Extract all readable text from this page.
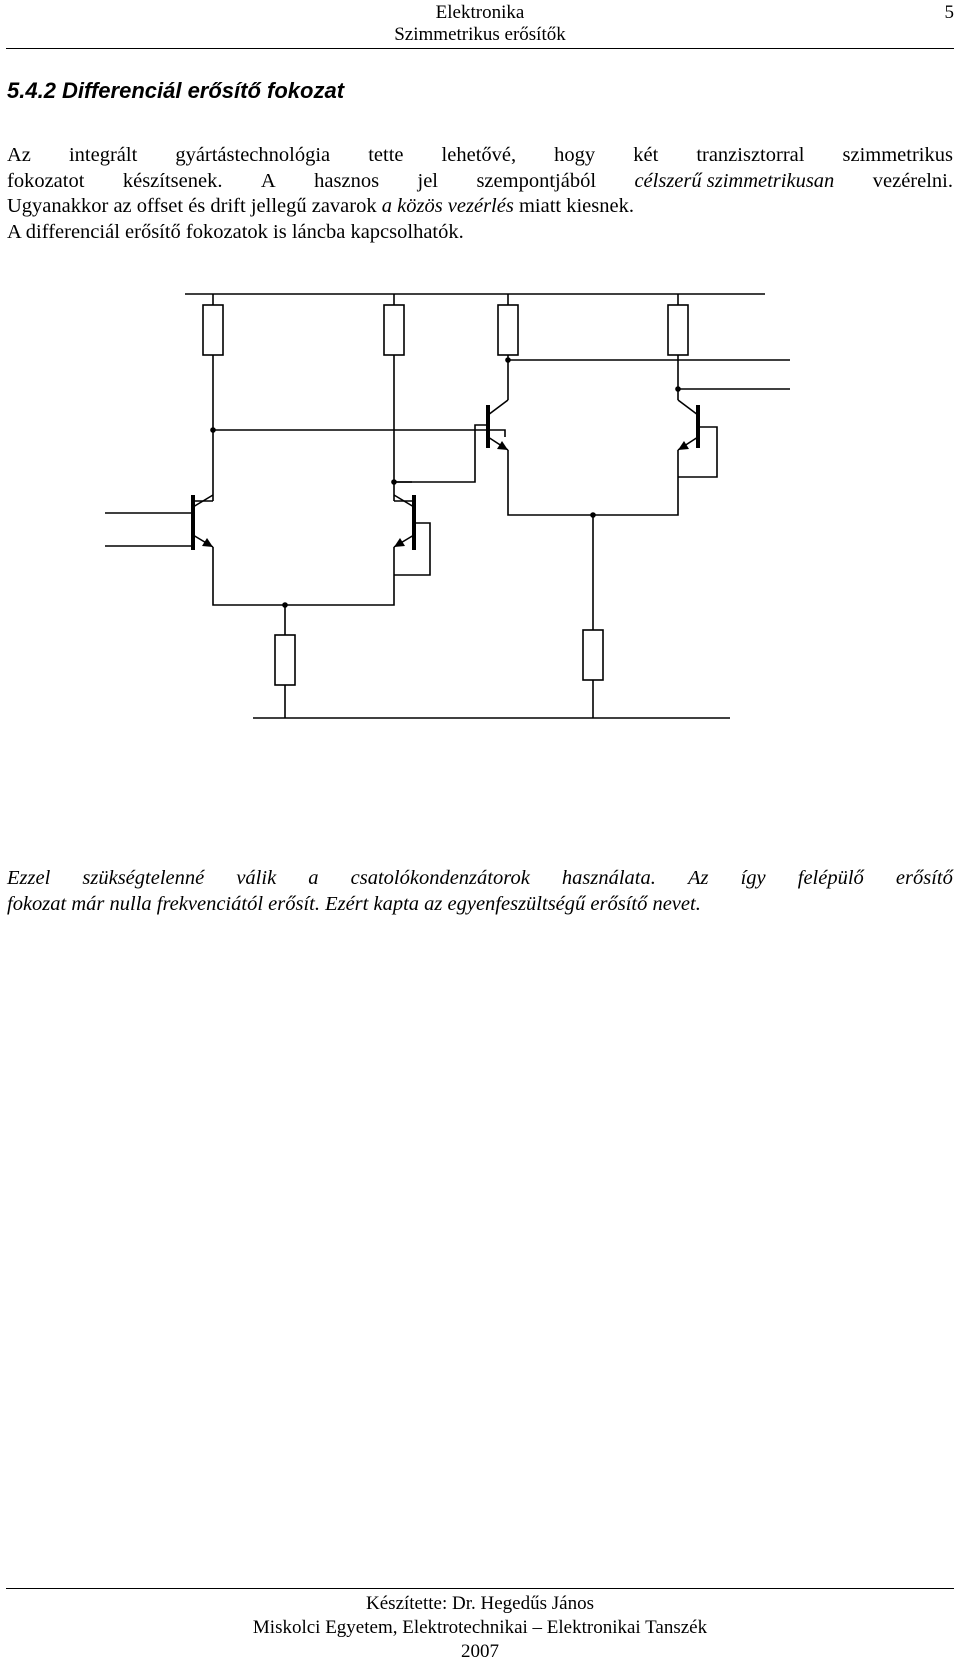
Elektronika
Szimmetrikus erősítők
5
5.4.2 Differenciál erősítő fokozat
Az integrált gyártástechnológia tette lehetővé, hogy két tranzisztorral szimmetrikus
fokozatot készítsenek. A hasznos jel szempontjából célszerű szimmetrikusan vezérelni.
Ugyanakkor az offset és drift jellegű zavarok a közös vezérlés miatt kiesnek.
A differenciál erősítő fokozatok is láncba kapcsolhatók.
Ezzel szükségtelenné válik a csatolókondenzátorok használata. Az így felépülő erősítő
fokozat már nulla frekvenciától erősít. Ezért kapta az egyenfeszültségű erősítő nevet.
Készítette: Dr. Hegedűs János
Miskolci Egyetem, Elektrotechnikai – Elektronikai Tanszék
2007
